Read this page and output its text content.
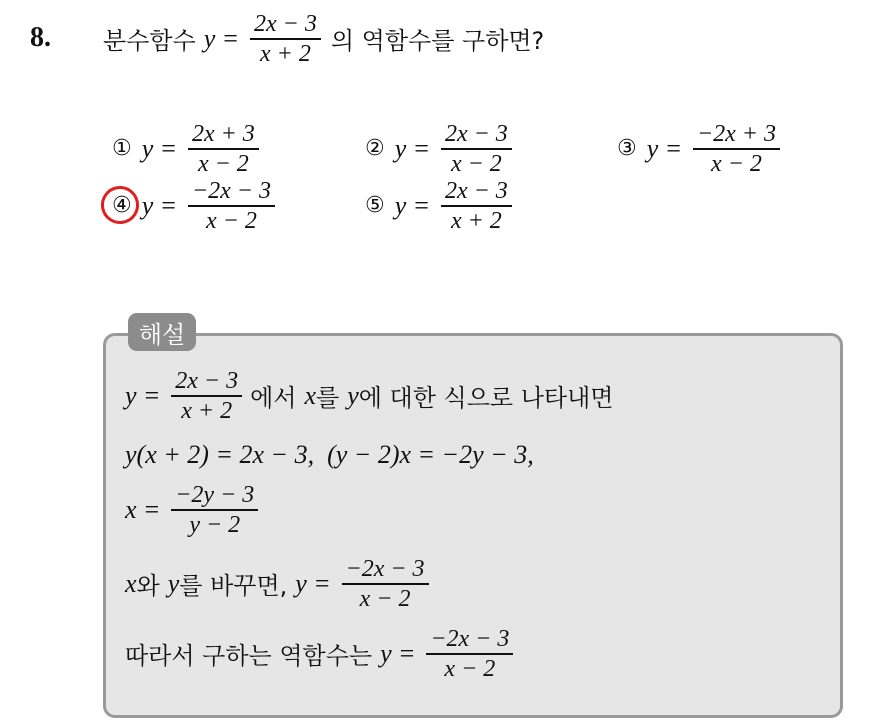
8. 분수함수 $y = \frac{2x - 3}{x + 2}$ 의 역함수를 구하면?
① $y = \frac{2x + 3}{x - 2}$	② $y = \frac{2x - 3}{x - 2}$	③ $y = \frac{-2x + 3}{x - 2}$
④ $y = \frac{-2x - 3}{x - 2}$	⑤ $y = \frac{2x - 3}{x + 2}$
해설
$y = \frac{2x - 3}{x + 2}$ 에서 x 를 y 에 대한 식으로 나타내면
y(x + 2) = 2x − 3,  (y − 2)x = −2y − 3,
$x = \frac{-2y - 3}{y - 2}$
x 와 y 를 바꾸면, $y = \frac{-2x - 3}{x - 2}$
따라서 구하는 역함수는 $y = \frac{-2x - 3}{x - 2}$
